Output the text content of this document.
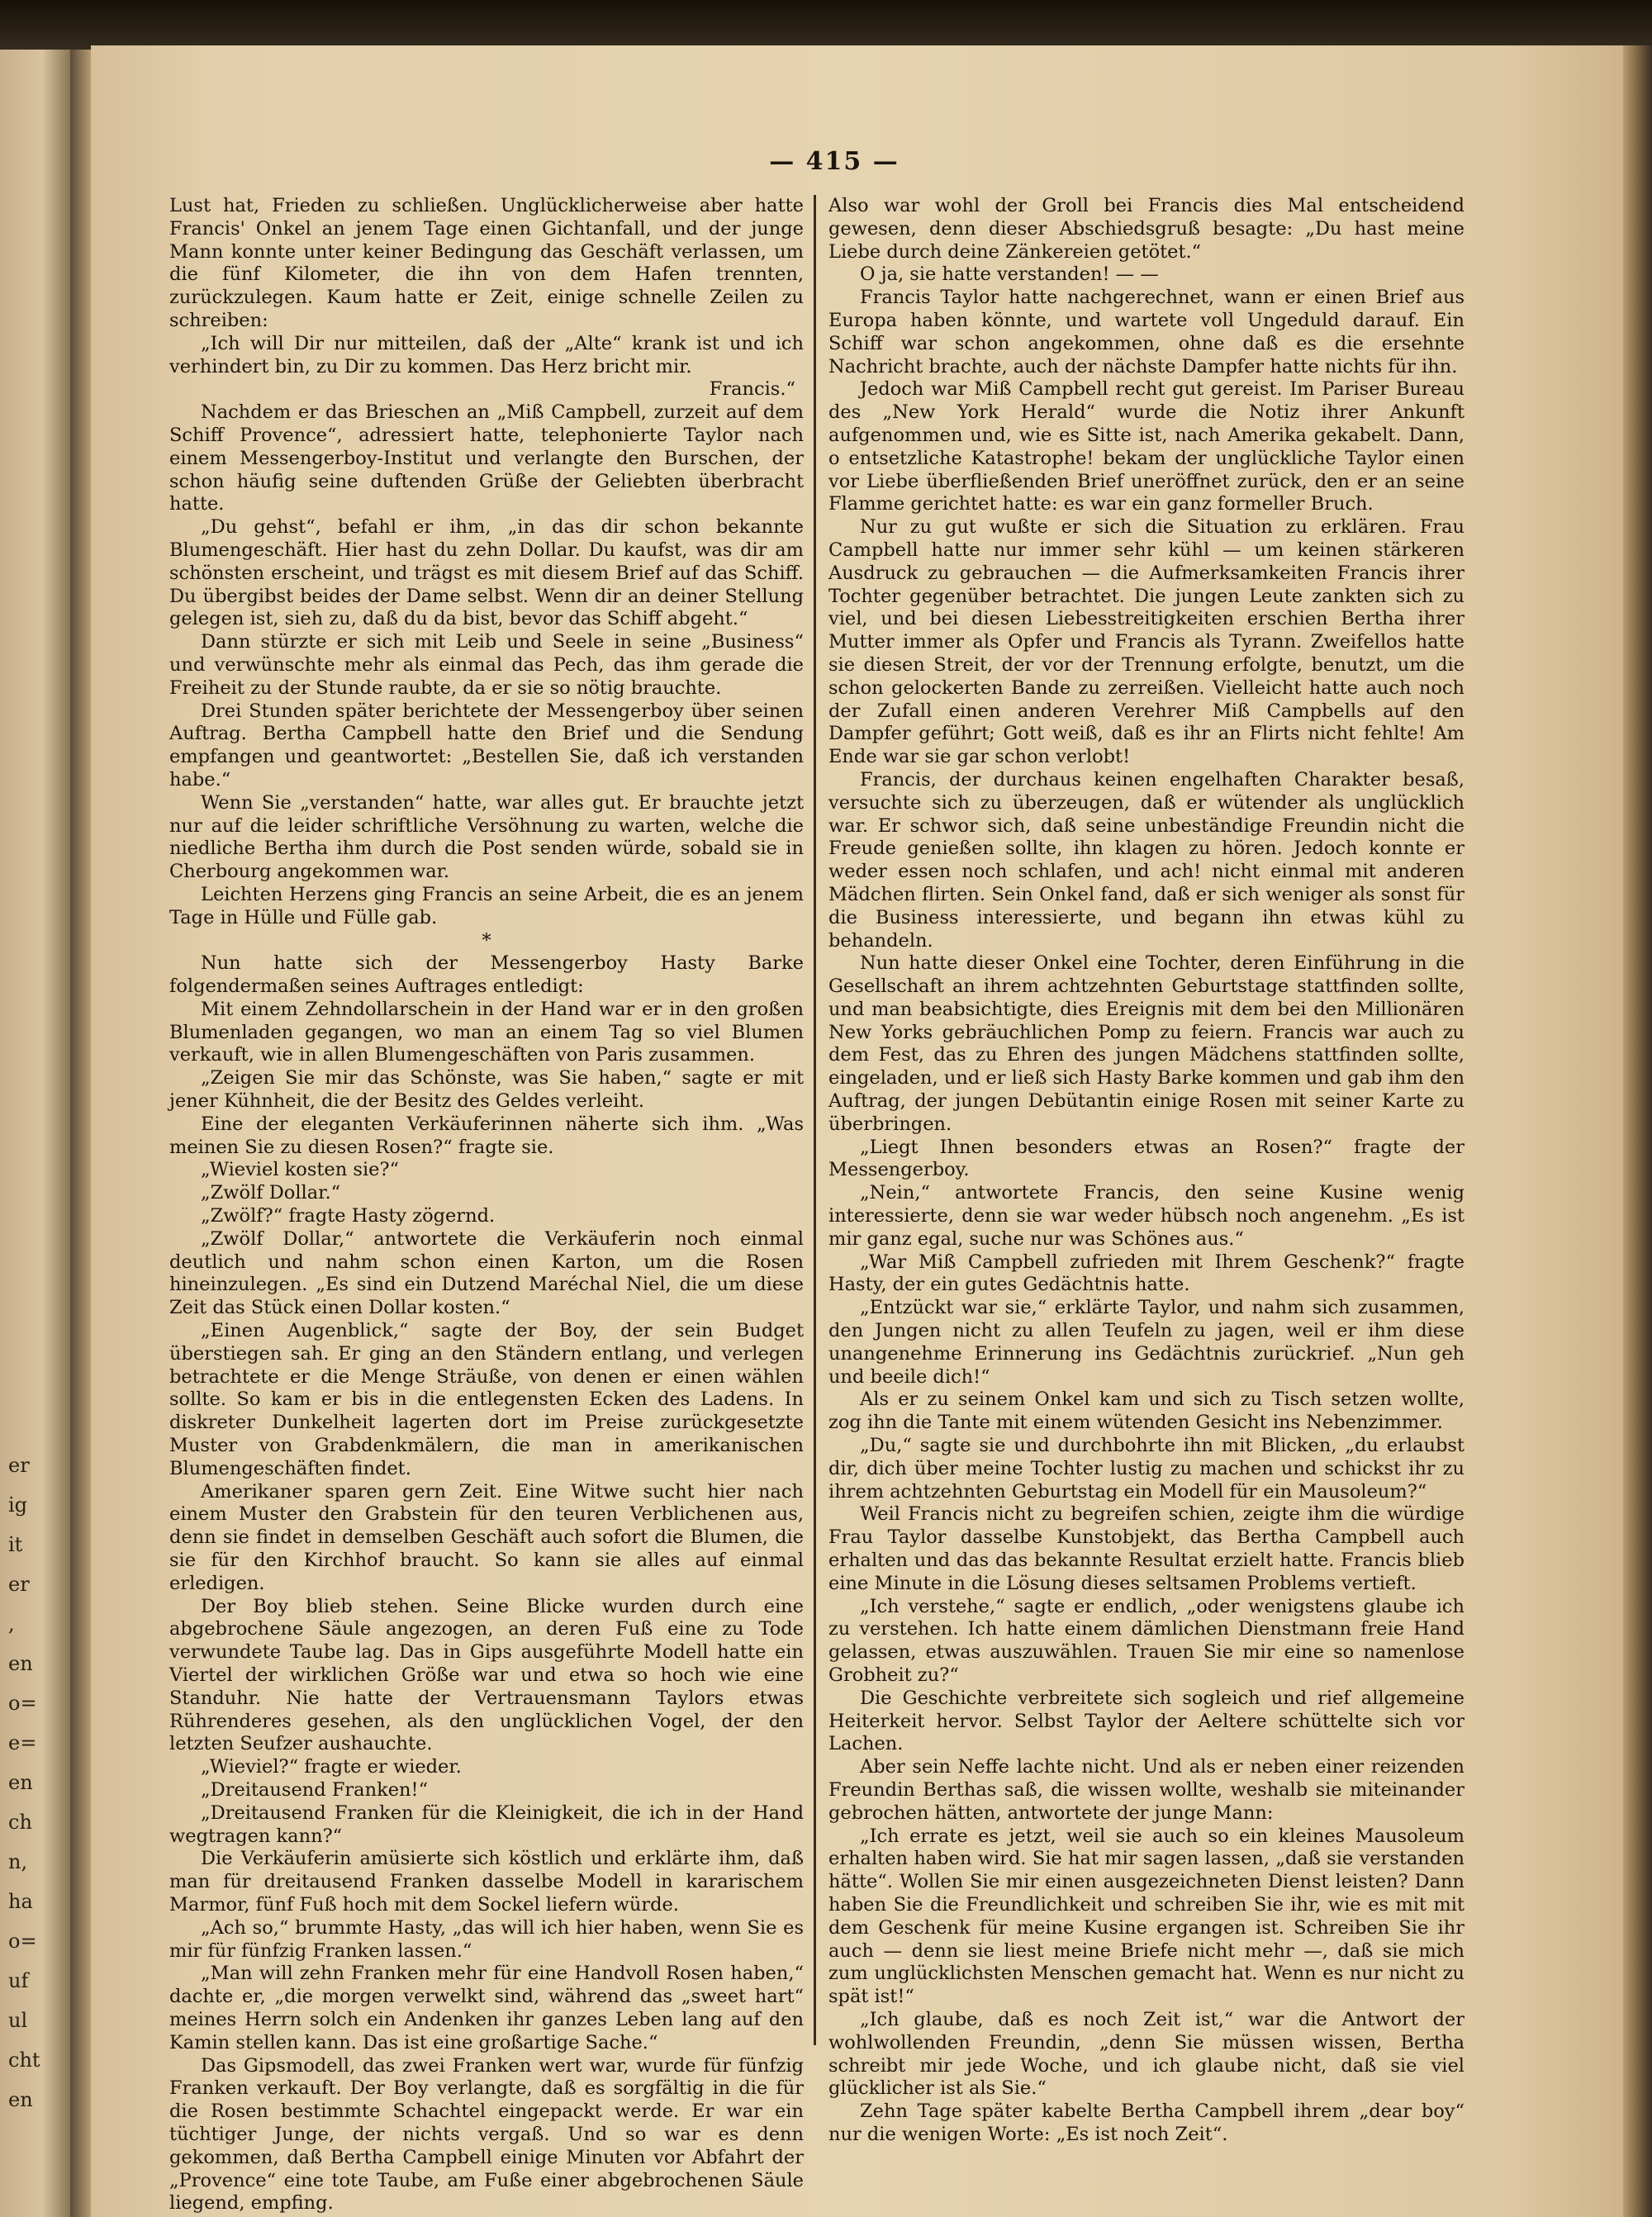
er
ig
it
er
,
en
o=
e=
en
ch
n,
ha
o=
uf
ul
cht
en
— 415 —

Lust hat, Frieden zu schließen. Unglücklicherweise aber hatte Francis' Onkel an jenem Tage einen Gichtanfall, und der junge Mann konnte unter keiner Bedingung das Geschäft verlassen, um die fünf Kilometer, die ihn von dem Hafen trennten, zurückzulegen. Kaum hatte er Zeit, einige schnelle Zeilen zu schreiben:

„Ich will Dir nur mitteilen, daß der „Alte“ krank ist und ich verhindert bin, zu Dir zu kommen. Das Herz bricht mir.

Francis.“

Nachdem er das Brieschen an „Miß Campbell, zurzeit auf dem Schiff Provence“, adressiert hatte, telephonierte Taylor nach einem Messengerboy-Institut und verlangte den Burschen, der schon häufig seine duftenden Grüße der Geliebten überbracht hatte.

„Du gehst“, befahl er ihm, „in das dir schon bekannte Blumengeschäft. Hier hast du zehn Dollar. Du kaufst, was dir am schönsten erscheint, und trägst es mit diesem Brief auf das Schiff. Du übergibst beides der Dame selbst. Wenn dir an deiner Stellung gelegen ist, sieh zu, daß du da bist, bevor das Schiff abgeht.“

Dann stürzte er sich mit Leib und Seele in seine „Business“ und verwünschte mehr als einmal das Pech, das ihm gerade die Freiheit zu der Stunde raubte, da er sie so nötig brauchte.

Drei Stunden später berichtete der Messengerboy über seinen Auftrag. Bertha Campbell hatte den Brief und die Sendung empfangen und geantwortet: „Bestellen Sie, daß ich verstanden habe.“

Wenn Sie „verstanden“ hatte, war alles gut. Er brauchte jetzt nur auf die leider schriftliche Versöhnung zu warten, welche die niedliche Bertha ihm durch die Post senden würde, sobald sie in Cherbourg angekommen war.

Leichten Herzens ging Francis an seine Arbeit, die es an jenem Tage in Hülle und Fülle gab.

*

Nun hatte sich der Messengerboy Hasty Barke folgendermaßen seines Auftrages entledigt:

Mit einem Zehndollarschein in der Hand war er in den großen Blumenladen gegangen, wo man an einem Tag so viel Blumen verkauft, wie in allen Blumengeschäften von Paris zusammen.

„Zeigen Sie mir das Schönste, was Sie haben,“ sagte er mit jener Kühnheit, die der Besitz des Geldes verleiht.

Eine der eleganten Verkäuferinnen näherte sich ihm. „Was meinen Sie zu diesen Rosen?“ fragte sie.

„Wieviel kosten sie?“

„Zwölf Dollar.“

„Zwölf?“ fragte Hasty zögernd.

„Zwölf Dollar,“ antwortete die Verkäuferin noch einmal deutlich und nahm schon einen Karton, um die Rosen hineinzulegen. „Es sind ein Dutzend Maréchal Niel, die um diese Zeit das Stück einen Dollar kosten.“

„Einen Augenblick,“ sagte der Boy, der sein Budget überstiegen sah. Er ging an den Ständern entlang, und verlegen betrachtete er die Menge Sträuße, von denen er einen wählen sollte. So kam er bis in die entlegensten Ecken des Ladens. In diskreter Dunkelheit lagerten dort im Preise zurückgesetzte Muster von Grabdenkmälern, die man in amerikanischen Blumengeschäften findet.

Amerikaner sparen gern Zeit. Eine Witwe sucht hier nach einem Muster den Grabstein für den teuren Verblichenen aus, denn sie findet in demselben Geschäft auch sofort die Blumen, die sie für den Kirchhof braucht. So kann sie alles auf einmal erledigen.

Der Boy blieb stehen. Seine Blicke wurden durch eine abgebrochene Säule angezogen, an deren Fuß eine zu Tode verwundete Taube lag. Das in Gips ausgeführte Modell hatte ein Viertel der wirklichen Größe war und etwa so hoch wie eine Standuhr. Nie hatte der Vertrauensmann Taylors etwas Rührenderes gesehen, als den unglücklichen Vogel, der den letzten Seufzer aushauchte.

„Wieviel?“ fragte er wieder.

„Dreitausend Franken!“

„Dreitausend Franken für die Kleinigkeit, die ich in der Hand wegtragen kann?“

Die Verkäuferin amüsierte sich köstlich und erklärte ihm, daß man für dreitausend Franken dasselbe Modell in kararischem Marmor, fünf Fuß hoch mit dem Sockel liefern würde.

„Ach so,“ brummte Hasty, „das will ich hier haben, wenn Sie es mir für fünfzig Franken lassen.“

„Man will zehn Franken mehr für eine Handvoll Rosen haben,“ dachte er, „die morgen verwelkt sind, während das „sweet hart“ meines Herrn solch ein Andenken ihr ganzes Leben lang auf den Kamin stellen kann. Das ist eine großartige Sache.“

Das Gipsmodell, das zwei Franken wert war, wurde für fünfzig Franken verkauft. Der Boy verlangte, daß es sorgfältig in die für die Rosen bestimmte Schachtel eingepackt werde. Er war ein tüchtiger Junge, der nichts vergaß. Und so war es denn gekommen, daß Bertha Campbell einige Minuten vor Abfahrt der „Provence“ eine tote Taube, am Fuße einer abgebrochenen Säule liegend, empfing.

Also war wohl der Groll bei Francis dies Mal entscheidend gewesen, denn dieser Abschiedsgruß besagte: „Du hast meine Liebe durch deine Zänkereien getötet.“

O ja, sie hatte verstanden! — —

Francis Taylor hatte nachgerechnet, wann er einen Brief aus Europa haben könnte, und wartete voll Ungeduld darauf. Ein Schiff war schon angekommen, ohne daß es die ersehnte Nachricht brachte, auch der nächste Dampfer hatte nichts für ihn.

Jedoch war Miß Campbell recht gut gereist. Im Pariser Bureau des „New York Herald“ wurde die Notiz ihrer Ankunft aufgenommen und, wie es Sitte ist, nach Amerika gekabelt. Dann, o entsetzliche Katastrophe! bekam der unglückliche Taylor einen vor Liebe überfließenden Brief uneröffnet zurück, den er an seine Flamme gerichtet hatte: es war ein ganz formeller Bruch.

Nur zu gut wußte er sich die Situation zu erklären. Frau Campbell hatte nur immer sehr kühl — um keinen stärkeren Ausdruck zu gebrauchen — die Aufmerksamkeiten Francis ihrer Tochter gegenüber betrachtet. Die jungen Leute zankten sich zu viel, und bei diesen Liebesstreitigkeiten erschien Bertha ihrer Mutter immer als Opfer und Francis als Tyrann. Zweifellos hatte sie diesen Streit, der vor der Trennung erfolgte, benutzt, um die schon gelockerten Bande zu zerreißen. Vielleicht hatte auch noch der Zufall einen anderen Verehrer Miß Campbells auf den Dampfer geführt; Gott weiß, daß es ihr an Flirts nicht fehlte! Am Ende war sie gar schon verlobt!

Francis, der durchaus keinen engelhaften Charakter besaß, versuchte sich zu überzeugen, daß er wütender als unglücklich war. Er schwor sich, daß seine unbeständige Freundin nicht die Freude genießen sollte, ihn klagen zu hören. Jedoch konnte er weder essen noch schlafen, und ach! nicht einmal mit anderen Mädchen flirten. Sein Onkel fand, daß er sich weniger als sonst für die Business interessierte, und begann ihn etwas kühl zu behandeln.

Nun hatte dieser Onkel eine Tochter, deren Einführung in die Gesellschaft an ihrem achtzehnten Geburtstage stattfinden sollte, und man beabsichtigte, dies Ereignis mit dem bei den Millionären New Yorks gebräuchlichen Pomp zu feiern. Francis war auch zu dem Fest, das zu Ehren des jungen Mädchens stattfinden sollte, eingeladen, und er ließ sich Hasty Barke kommen und gab ihm den Auftrag, der jungen Debütantin einige Rosen mit seiner Karte zu überbringen.

„Liegt Ihnen besonders etwas an Rosen?“ fragte der Messengerboy.

„Nein,“ antwortete Francis, den seine Kusine wenig interessierte, denn sie war weder hübsch noch angenehm. „Es ist mir ganz egal, suche nur was Schönes aus.“

„War Miß Campbell zufrieden mit Ihrem Geschenk?“ fragte Hasty, der ein gutes Gedächtnis hatte.

„Entzückt war sie,“ erklärte Taylor, und nahm sich zusammen, den Jungen nicht zu allen Teufeln zu jagen, weil er ihm diese unangenehme Erinnerung ins Gedächtnis zurückrief. „Nun geh und beeile dich!“

Als er zu seinem Onkel kam und sich zu Tisch setzen wollte, zog ihn die Tante mit einem wütenden Gesicht ins Nebenzimmer.

„Du,“ sagte sie und durchbohrte ihn mit Blicken, „du erlaubst dir, dich über meine Tochter lustig zu machen und schickst ihr zu ihrem achtzehnten Geburtstag ein Modell für ein Mausoleum?“

Weil Francis nicht zu begreifen schien, zeigte ihm die würdige Frau Taylor dasselbe Kunstobjekt, das Bertha Campbell auch erhalten und das das bekannte Resultat erzielt hatte. Francis blieb eine Minute in die Lösung dieses seltsamen Problems vertieft.

„Ich verstehe,“ sagte er endlich, „oder wenigstens glaube ich zu verstehen. Ich hatte einem dämlichen Dienstmann freie Hand gelassen, etwas auszuwählen. Trauen Sie mir eine so namenlose Grobheit zu?“

Die Geschichte verbreitete sich sogleich und rief allgemeine Heiterkeit hervor. Selbst Taylor der Aeltere schüttelte sich vor Lachen.

Aber sein Neffe lachte nicht. Und als er neben einer reizenden Freundin Berthas saß, die wissen wollte, weshalb sie miteinander gebrochen hätten, antwortete der junge Mann:

„Ich errate es jetzt, weil sie auch so ein kleines Mausoleum erhalten haben wird. Sie hat mir sagen lassen, „daß sie verstanden hätte“. Wollen Sie mir einen ausgezeichneten Dienst leisten? Dann haben Sie die Freundlichkeit und schreiben Sie ihr, wie es mit mit dem Geschenk für meine Kusine ergangen ist. Schreiben Sie ihr auch — denn sie liest meine Briefe nicht mehr —, daß sie mich zum unglücklichsten Menschen gemacht hat. Wenn es nur nicht zu spät ist!“

„Ich glaube, daß es noch Zeit ist,“ war die Antwort der wohlwollenden Freundin, „denn Sie müssen wissen, Bertha schreibt mir jede Woche, und ich glaube nicht, daß sie viel glücklicher ist als Sie.“

Zehn Tage später kabelte Bertha Campbell ihrem „dear boy“ nur die wenigen Worte: „Es ist noch Zeit“.
